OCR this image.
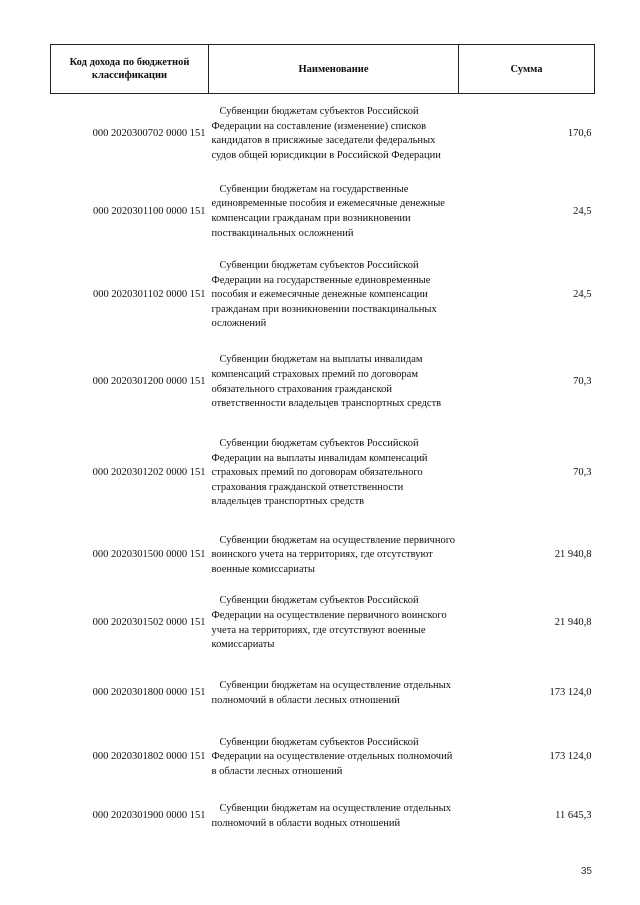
Код дохода по бюджетной классификации	Наименование	Сумма
000 2020300702 0000 151	Субвенции бюджетам субъектов Российской Федерации на составление (изменение) списков кандидатов в присяжные заседатели федеральных судов общей юрисдикции в Российской Федерации	170,6
000 2020301100 0000 151	Субвенции бюджетам на государственные единовременные пособия и ежемесячные денежные компенсации гражданам при возникновении поствакцинальных осложнений	24,5
000 2020301102 0000 151	Субвенции бюджетам субъектов Российской Федерации на государственные единовременные пособия и ежемесячные денежные компенсации гражданам при возникновении поствакцинальных осложнений	24,5
000 2020301200 0000 151	Субвенции бюджетам на выплаты инвалидам компенсаций страховых премий по договорам обязательного страхования гражданской ответственности владельцев транспортных средств	70,3
000 2020301202 0000 151	Субвенции бюджетам субъектов Российской Федерации на выплаты инвалидам компенсаций страховых премий по договорам обязательного страхования гражданской ответственности владельцев транспортных средств	70,3
000 2020301500 0000 151	Субвенции бюджетам на осуществление первичного воинского учета на территориях, где отсутствуют военные комиссариаты	21 940,8
000 2020301502 0000 151	Субвенции бюджетам субъектов Российской Федерации на осуществление первичного воинского учета на территориях, где отсутствуют военные комиссариаты	21 940,8
000 2020301800 0000 151	Субвенции бюджетам на осуществление отдельных полномочий в области лесных отношений	173 124,0
000 2020301802 0000 151	Субвенции бюджетам субъектов Российской Федерации на осуществление отдельных полномочий в области лесных отношений	173 124,0
000 2020301900 0000 151	Субвенции бюджетам на осуществление отдельных полномочий в области водных отношений	11 645,3
35
